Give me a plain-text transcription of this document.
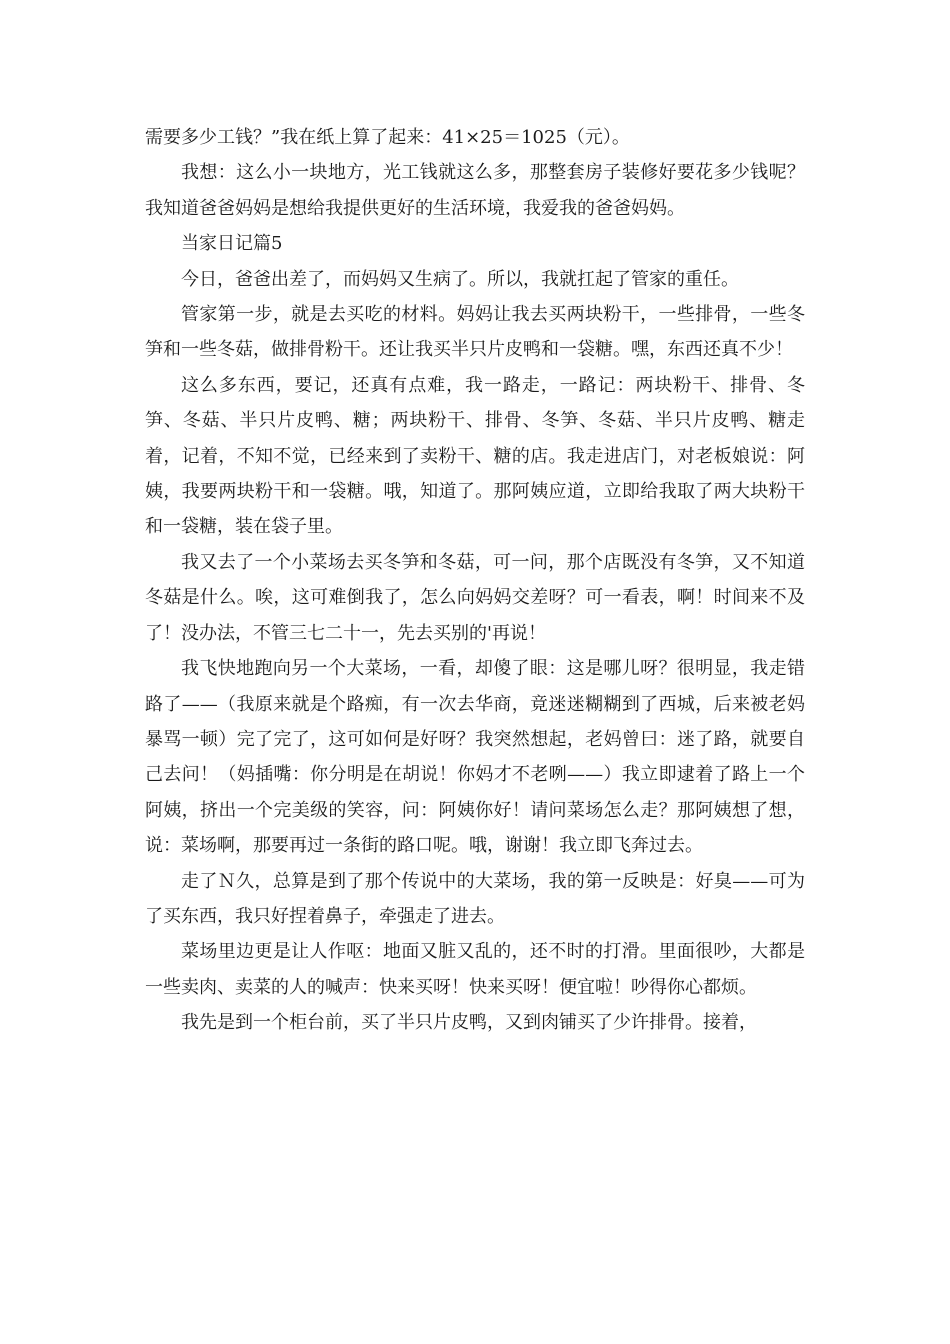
需要多少工钱？”我在纸上算了起来：41×25＝1025（元）。

我想：这么小一块地方，光工钱就这么多，那整套房子装修好要花多少钱呢？我知道爸爸妈妈是想给我提供更好的生活环境，我爱我的爸爸妈妈。

当家日记篇5

今日，爸爸出差了，而妈妈又生病了。所以，我就扛起了管家的重任。

管家第一步，就是去买吃的材料。妈妈让我去买两块粉干，一些排骨，一些冬笋和一些冬菇，做排骨粉干。还让我买半只片皮鸭和一袋糖。嘿，东西还真不少！

这么多东西，要记，还真有点难，我一路走，一路记：两块粉干、排骨、冬笋、冬菇、半只片皮鸭、糖；两块粉干、排骨、冬笋、冬菇、半只片皮鸭、糖走着，记着，不知不觉，已经来到了卖粉干、糖的店。我走进店门，对老板娘说：阿姨，我要两块粉干和一袋糖。哦，知道了。那阿姨应道，立即给我取了两大块粉干和一袋糖，装在袋子里。

我又去了一个小菜场去买冬笋和冬菇，可一问，那个店既没有冬笋，又不知道冬菇是什么。唉，这可难倒我了，怎么向妈妈交差呀？可一看表，啊！时间来不及了！没办法，不管三七二十一，先去买别的'再说！

我飞快地跑向另一个大菜场，一看，却傻了眼：这是哪儿呀？很明显，我走错路了——（我原来就是个路痴，有一次去华商，竟迷迷糊糊到了西城，后来被老妈暴骂一顿）完了完了，这可如何是好呀？我突然想起，老妈曾曰：迷了路，就要自己去问！（妈插嘴：你分明是在胡说！你妈才不老咧——）我立即逮着了路上一个阿姨，挤出一个完美级的笑容，问：阿姨你好！请问菜场怎么走？那阿姨想了想，说：菜场啊，那要再过一条街的路口呢。哦，谢谢！我立即飞奔过去。

走了Ｎ久，总算是到了那个传说中的大菜场，我的第一反映是：好臭——可为了买东西，我只好捏着鼻子，牵强走了进去。

菜场里边更是让人作呕：地面又脏又乱的，还不时的打滑。里面很吵，大都是一些卖肉、卖菜的人的喊声：快来买呀！快来买呀！便宜啦！吵得你心都烦。

我先是到一个柜台前，买了半只片皮鸭，又到肉铺买了少许排骨。接着，
